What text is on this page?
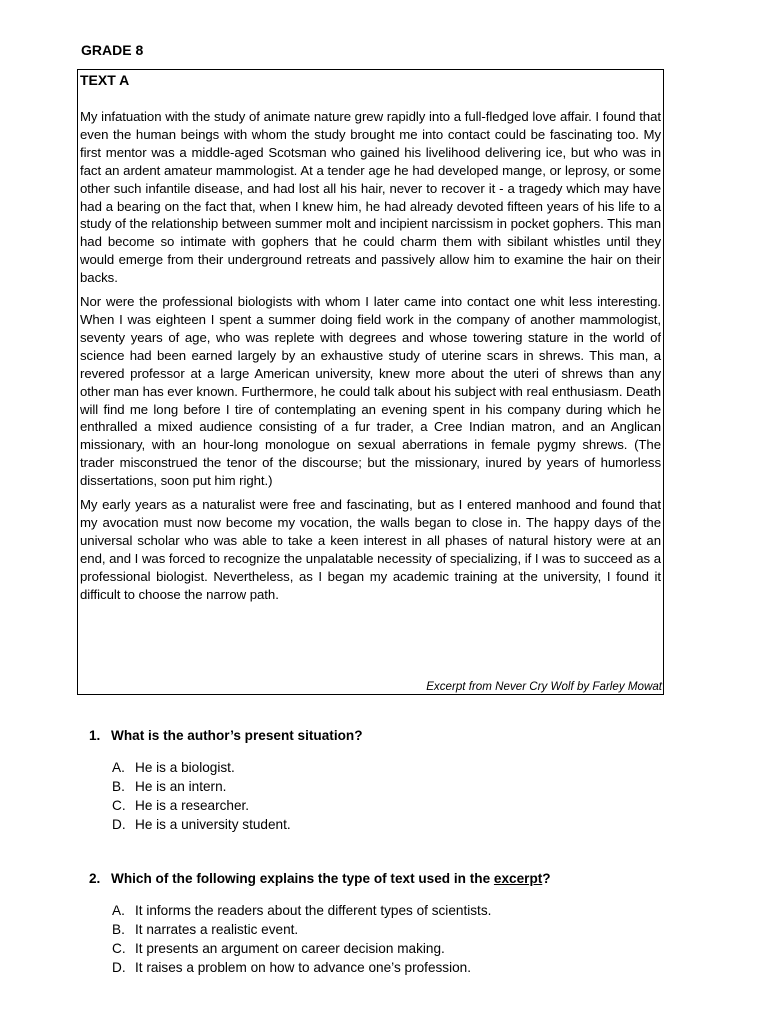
GRADE 8
TEXT A

My infatuation with the study of animate nature grew rapidly into a full-fledged love affair. I found that even the human beings with whom the study brought me into contact could be fascinating too. My first mentor was a middle-aged Scotsman who gained his livelihood delivering ice, but who was in fact an ardent amateur mammologist. At a tender age he had developed mange, or leprosy, or some other such infantile disease, and had lost all his hair, never to recover it - a tragedy which may have had a bearing on the fact that, when I knew him, he had already devoted fifteen years of his life to a study of the relationship between summer molt and incipient narcissism in pocket gophers. This man had become so intimate with gophers that he could charm them with sibilant whistles until they would emerge from their underground retreats and passively allow him to examine the hair on their backs.

Nor were the professional biologists with whom I later came into contact one whit less interesting. When I was eighteen I spent a summer doing field work in the company of another mammologist, seventy years of age, who was replete with degrees and whose towering stature in the world of science had been earned largely by an exhaustive study of uterine scars in shrews. This man, a revered professor at a large American university, knew more about the uteri of shrews than any other man has ever known. Furthermore, he could talk about his subject with real enthusiasm. Death will find me long before I tire of contemplating an evening spent in his company during which he enthralled a mixed audience consisting of a fur trader, a Cree Indian matron, and an Anglican missionary, with an hour-long monologue on sexual aberrations in female pygmy shrews. (The trader misconstrued the tenor of the discourse; but the missionary, inured by years of humorless dissertations, soon put him right.)

My early years as a naturalist were free and fascinating, but as I entered manhood and found that my avocation must now become my vocation, the walls began to close in. The happy days of the universal scholar who was able to take a keen interest in all phases of natural history were at an end, and I was forced to recognize the unpalatable necessity of specializing, if I was to succeed as a professional biologist. Nevertheless, as I began my academic training at the university, I found it difficult to choose the narrow path.

Excerpt from Never Cry Wolf by Farley Mowat
1. What is the author’s present situation?
A. He is a biologist.
B. He is an intern.
C. He is a researcher.
D. He is a university student.
2. Which of the following explains the type of text used in the excerpt?
A. It informs the readers about the different types of scientists.
B. It narrates a realistic event.
C. It presents an argument on career decision making.
D. It raises a problem on how to advance one’s profession.
